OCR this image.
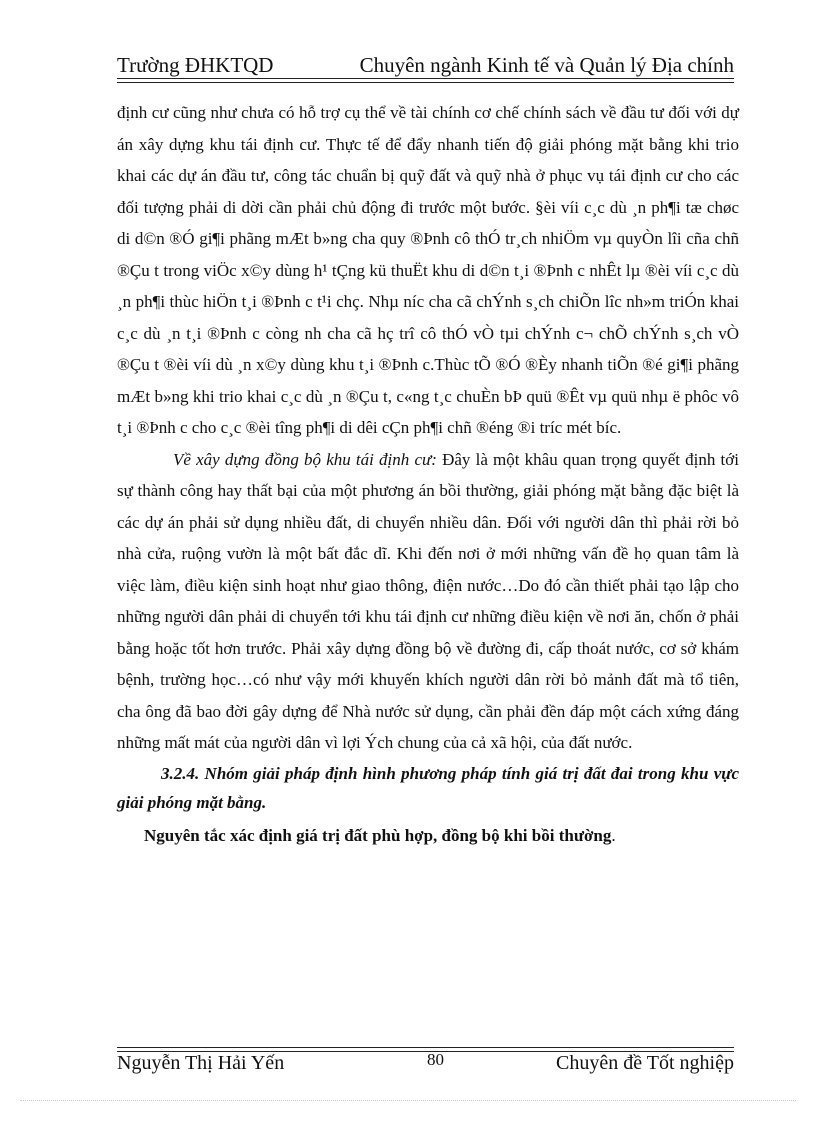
Trường ĐHKTQD	Chuyên ngành Kinh tế và Quản lý Địa chính

định cư cũng như chưa có hỗ trợ cụ thể về tài chính cơ chế chính sách về đầu tư đối với dự án xây dựng khu tái định cư. Thực tế để đẩy nhanh tiến độ giải phóng mặt bằng khi trio khai các dự án đầu tư, công tác chuẩn bị quỹ đất và quỹ nhà ở phục vụ tái định cư cho các đối tượng phải di dời cần phải chủ động đi trước một bước. §èi víi c¸c dù ¸n ph¶i tæ chøc di d©n ®Ó gi¶i phãng mÆt b»ng cha quy ®Þnh cô thÓ tr¸ch nhiÖm vµ quyÒn lîi cña chñ ®Çu t trong viÖc x©y dùng h¹ tÇng kü thuËt khu di d©n t¸i ®Þnh c nhÊt lµ ®èi víi c¸c dù ¸n ph¶i thùc hiÖn t¸i ®Þnh c t¹i chç. Nhµ níc cha cã chÝnh s¸ch chiÕn lîc nh»m triÓn khai c¸c dù ¸n t¸i ®Þnh c còng nh cha cã hç trî cô thÓ vÒ tµi chÝnh c¬ chÕ chÝnh s¸ch vÒ ®Çu t ®èi víi dù ¸n x©y dùng khu t¸i ®Þnh c.Thùc tÕ ®Ó ®Èy nhanh tiÕn ®é gi¶i phãng mÆt b»ng khi trio khai c¸c dù ¸n ®Çu t, c«ng t¸c chuÈn bÞ quü ®Êt vµ quü nhµ ë phôc vô t¸i ®Þnh c cho c¸c ®èi tîng ph¶i di dêi cÇn ph¶i chñ ®éng ®i tríc mét bíc.

Về xây dựng đồng bộ khu tái định cư: Đây là một khâu quan trọng quyết định tới sự thành công hay thất bại của một phương án bồi thường, giải phóng mặt bằng đặc biệt là các dự án phải sử dụng nhiều đất, di chuyển nhiều dân. Đối với người dân thì phải rời bỏ nhà cửa, ruộng vườn là một bất đắc dĩ. Khi đến nơi ở mới những vấn đề họ quan tâm là việc làm, điều kiện sinh hoạt như giao thông, điện nước…Do đó cần thiết phải tạo lập cho những người dân phải di chuyển tới khu tái định cư những điều kiện về nơi ăn, chốn ở phải bằng hoặc tốt hơn trước. Phải xây dựng đồng bộ về đường đi, cấp thoát nước, cơ sở khám bệnh, trường học…có như vậy mới khuyến khích người dân rời bỏ mảnh đất mà tổ tiên, cha ông đã bao đời gây dựng để Nhà nước sử dụng, cần phải đền đáp một cách xứng đáng những mất mát của người dân vì lợi Ých chung của cả xã hội, của đất nước.

3.2.4. Nhóm giải pháp định hình phương pháp tính giá trị đất đai trong khu vực giải phóng mặt bằng.

Nguyên tắc xác định giá trị đất phù hợp, đồng bộ khi bồi thường.

Nguyễn Thị Hải Yến	80	Chuyên đề Tốt nghiệp
